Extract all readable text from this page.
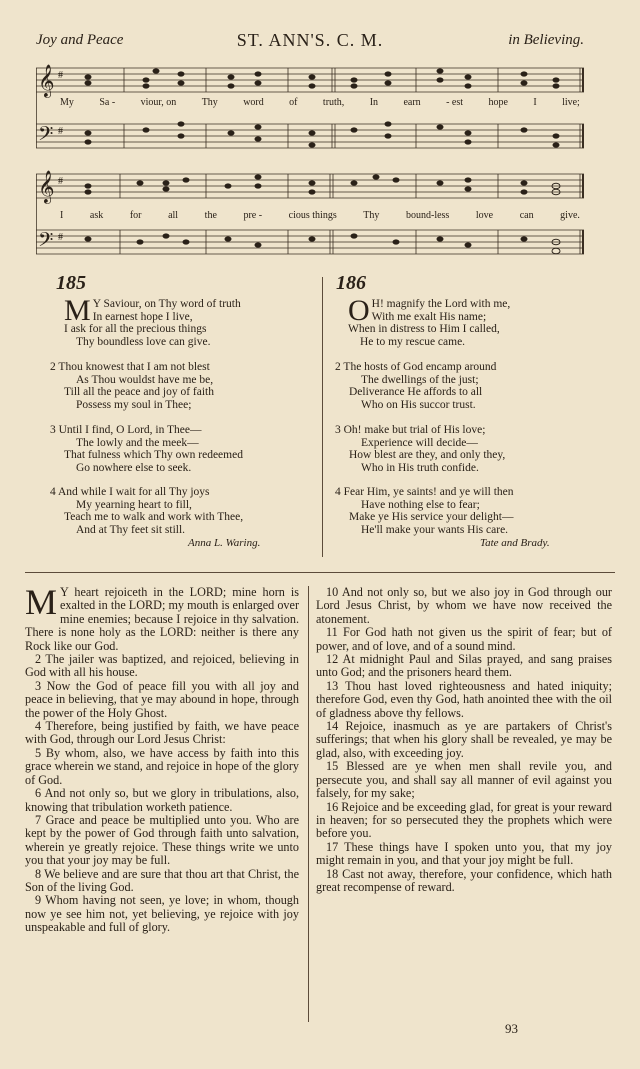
Joy and Peace	ST. ANN'S. C. M.	in Believing.
𝄞
𝄢
#
#
My	Sa -	viour, on	Thy	word	of	truth,	In	earn	- est	hope	I	live;
𝄞
𝄢
#
#
I	ask	for	all	the	pre -	cious things	Thy	bound-less	love	can	give.
185
M Y Saviour, on Thy word of truth
In earnest hope I live,
I ask for all the precious things
Thy boundless love can give.
2 Thou knowest that I am not blest
As Thou wouldst have me be,
Till all the peace and joy of faith
Possess my soul in Thee;
3 Until I find, O Lord, in Thee—
The lowly and the meek—
That fulness which Thy own redeemed
Go nowhere else to seek.
4 And while I wait for all Thy joys
My yearning heart to fill,
Teach me to walk and work with Thee,
And at Thy feet sit still.
Anna L. Waring.
186
O H! magnify the Lord with me,
With me exalt His name;
When in distress to Him I called,
He to my rescue came.
2 The hosts of God encamp around
The dwellings of the just;
Deliverance He affords to all
Who on His succor trust.
3 Oh! make but trial of His love;
Experience will decide—
How blest are they, and only they,
Who in His truth confide.
4 Fear Him, ye saints! and ye will then
Have nothing else to fear;
Make ye His service your delight—
He'll make your wants His care.
Tate and Brady.

M Y heart rejoiceth in the LORD; mine horn is exalted in the LORD; my mouth is enlarged over mine enemies; because I rejoice in thy salvation. There is none holy as the LORD: neither is there any Rock like our God.

2 The jailer was baptized, and rejoiced, believing in God with all his house.

3 Now the God of peace fill you with all joy and peace in believing, that ye may abound in hope, through the power of the Holy Ghost.

4 Therefore, being justified by faith, we have peace with God, through our Lord Jesus Christ:

5 By whom, also, we have access by faith into this grace wherein we stand, and rejoice in hope of the glory of God.

6 And not only so, but we glory in tribulations, also, knowing that tribulation worketh patience.

7 Grace and peace be multiplied unto you. Who are kept by the power of God through faith unto salvation, wherein ye greatly rejoice. These things write we unto you that your joy may be full.

8 We believe and are sure that thou art that Christ, the Son of the living God.

9 Whom having not seen, ye love; in whom, though now ye see him not, yet believing, ye rejoice with joy unspeakable and full of glory.

10 And not only so, but we also joy in God through our Lord Jesus Christ, by whom we have now received the atonement.

11 For God hath not given us the spirit of fear; but of power, and of love, and of a sound mind.

12 At midnight Paul and Silas prayed, and sang praises unto God; and the prisoners heard them.

13 Thou hast loved righteousness and hated iniquity; therefore God, even thy God, hath anointed thee with the oil of gladness above thy fellows.

14 Rejoice, inasmuch as ye are partakers of Christ's sufferings; that when his glory shall be revealed, ye may be glad, also, with exceeding joy.

15 Blessed are ye when men shall revile you, and persecute you, and shall say all manner of evil against you falsely, for my sake;

16 Rejoice and be exceeding glad, for great is your reward in heaven; for so persecuted they the prophets which were before you.

17 These things have I spoken unto you, that my joy might remain in you, and that your joy might be full.

18 Cast not away, therefore, your confidence, which hath great recompense of reward.

93
